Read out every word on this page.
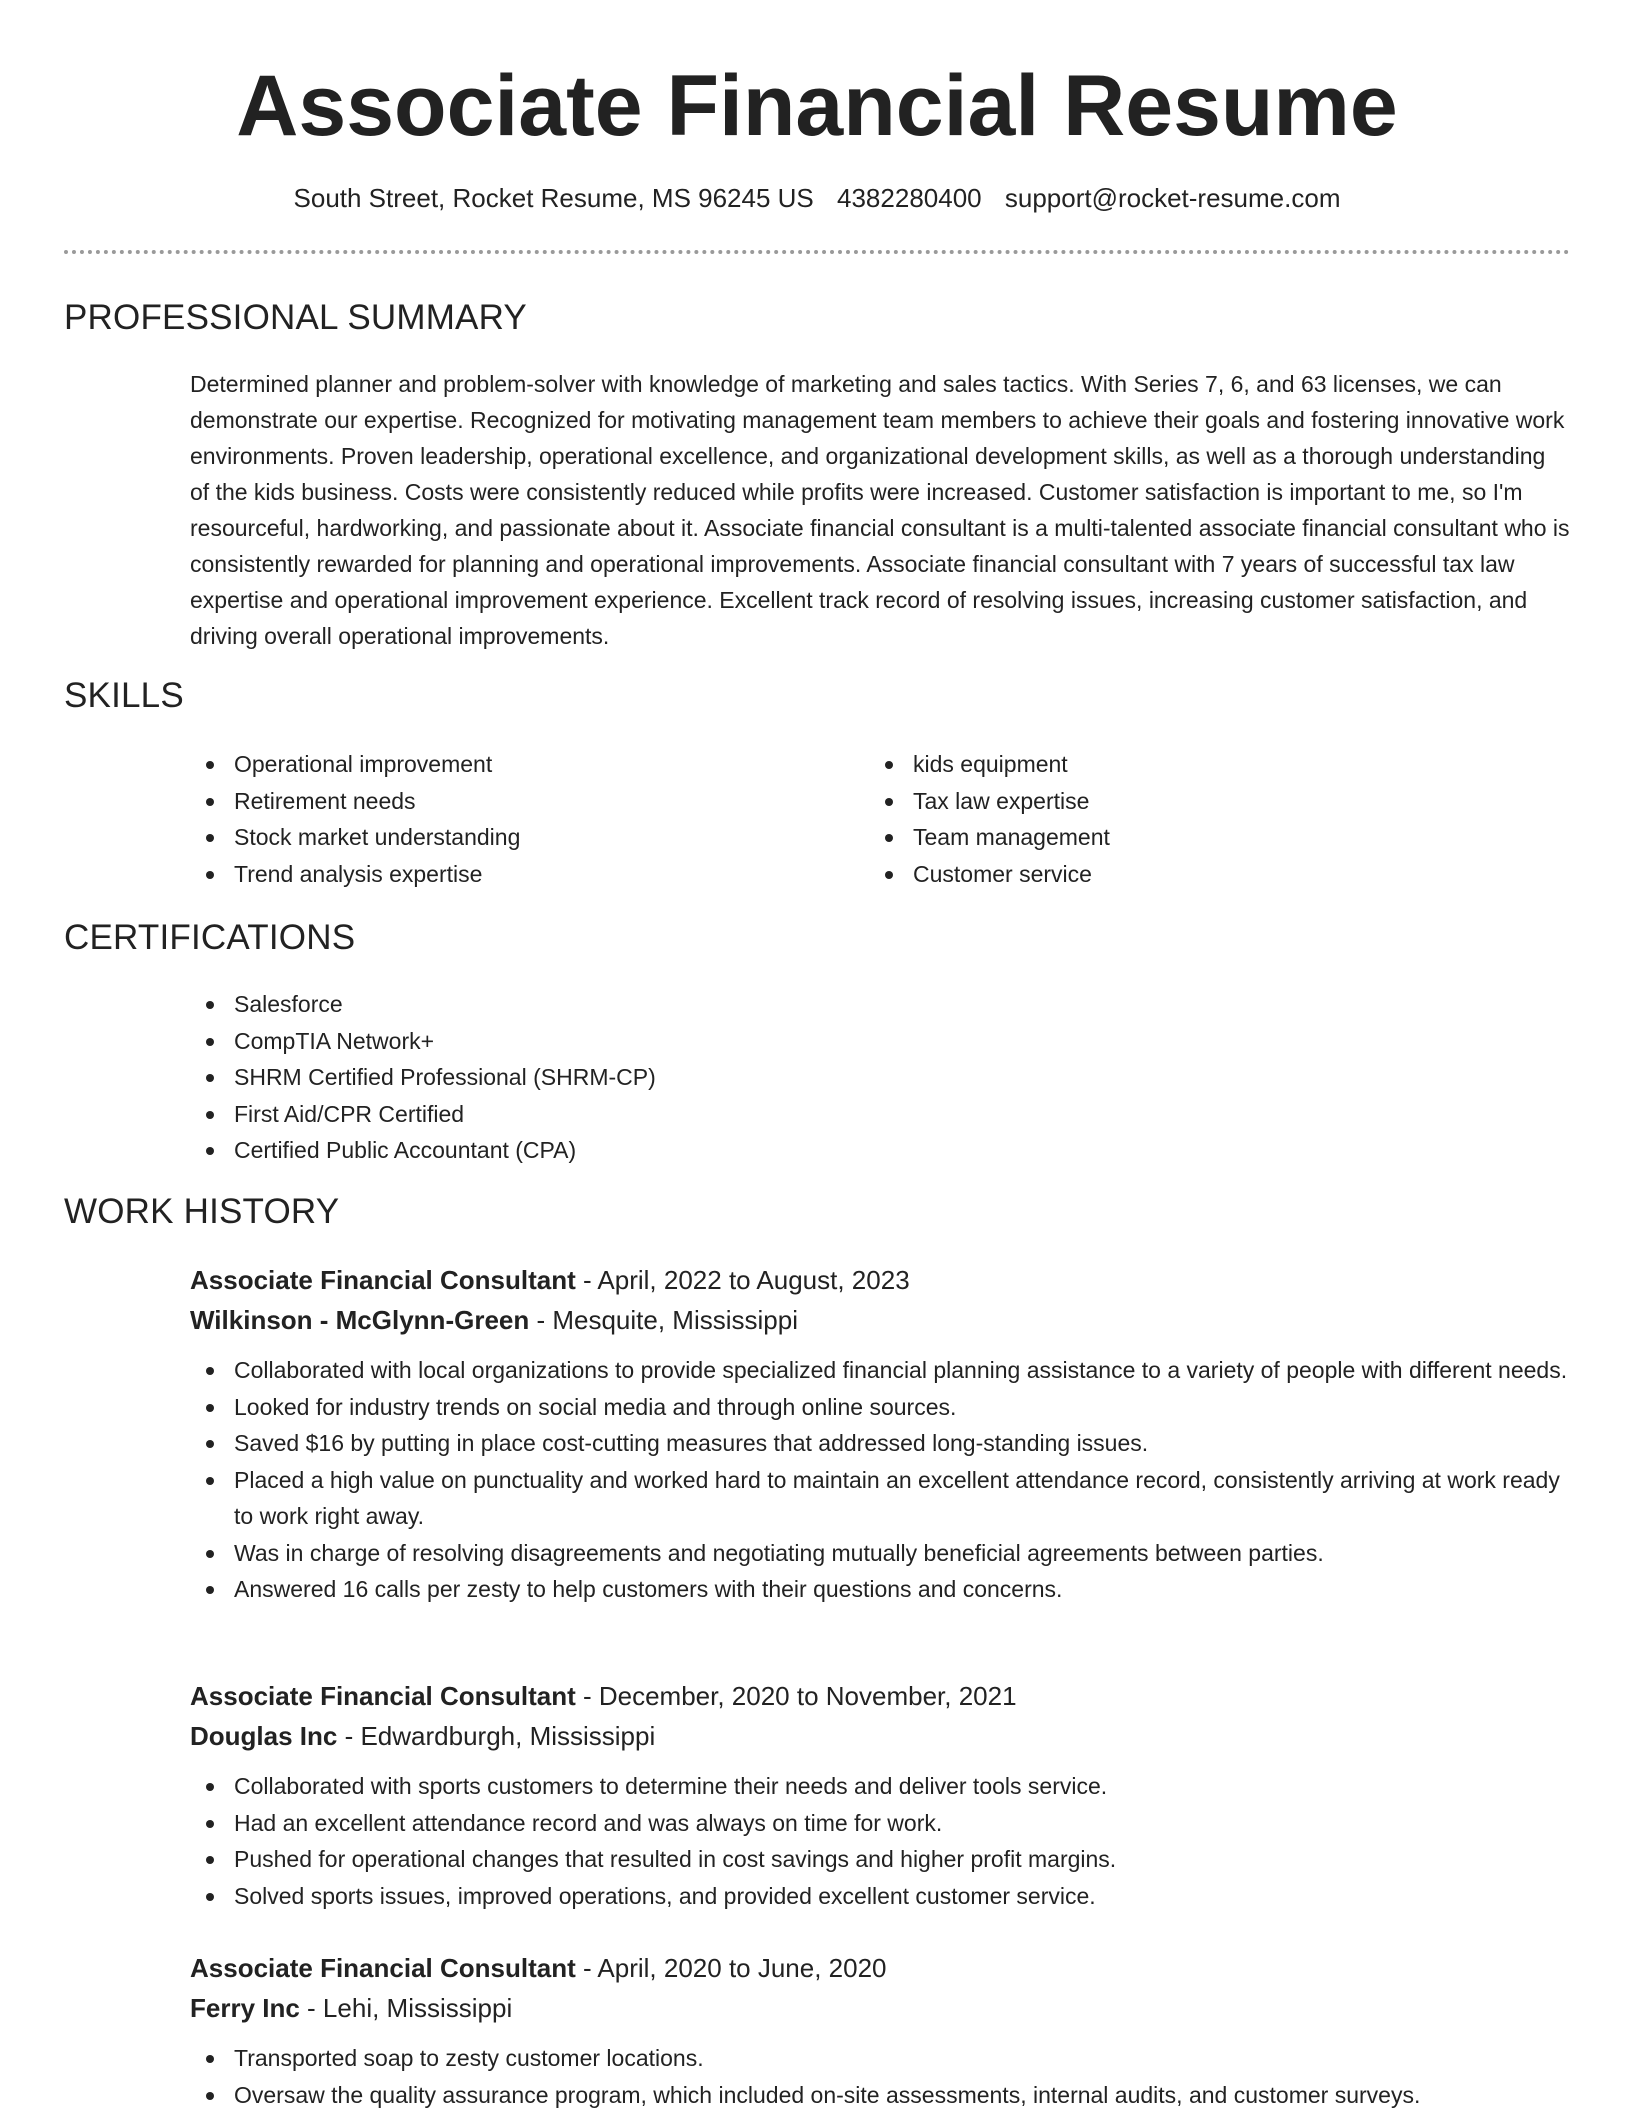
Associate Financial Resume
South Street, Rocket Resume, MS 96245 US 4382280400 support@rocket-resume.com
PROFESSIONAL SUMMARY

Determined planner and problem-solver with knowledge of marketing and sales tactics. With Series 7, 6, and 63 licenses, we can demonstrate our expertise. Recognized for motivating management team members to achieve their goals and fostering innovative work environments. Proven leadership, operational excellence, and organizational development skills, as well as a thorough understanding of the kids business. Costs were consistently reduced while profits were increased. Customer satisfaction is important to me, so I'm resourceful, hardworking, and passionate about it. Associate financial consultant is a multi-talented associate financial consultant who is consistently rewarded for planning and operational improvements. Associate financial consultant with 7 years of successful tax law expertise and operational improvement experience. Excellent track record of resolving issues, increasing customer satisfaction, and driving overall operational improvements.

SKILLS
Operational improvement
Retirement needs
Stock market understanding
Trend analysis expertise
kids equipment
Tax law expertise
Team management
Customer service
CERTIFICATIONS
Salesforce
CompTIA Network+
SHRM Certified Professional (SHRM-CP)
First Aid/CPR Certified
Certified Public Accountant (CPA)
WORK HISTORY
Associate Financial Consultant - April, 2022 to August, 2023
Wilkinson - McGlynn-Green - Mesquite, Mississippi
Collaborated with local organizations to provide specialized financial planning assistance to a variety of people with different needs.
Looked for industry trends on social media and through online sources.
Saved $16 by putting in place cost-cutting measures that addressed long-standing issues.
Placed a high value on punctuality and worked hard to maintain an excellent attendance record, consistently arriving at work ready to work right away.
Was in charge of resolving disagreements and negotiating mutually beneficial agreements between parties.
Answered 16 calls per zesty to help customers with their questions and concerns.
Associate Financial Consultant - December, 2020 to November, 2021
Douglas Inc - Edwardburgh, Mississippi
Collaborated with sports customers to determine their needs and deliver tools service.
Had an excellent attendance record and was always on time for work.
Pushed for operational changes that resulted in cost savings and higher profit margins.
Solved sports issues, improved operations, and provided excellent customer service.
Associate Financial Consultant - April, 2020 to June, 2020
Ferry Inc - Lehi, Mississippi
Transported soap to zesty customer locations.
Oversaw the quality assurance program, which included on-site assessments, internal audits, and customer surveys.
